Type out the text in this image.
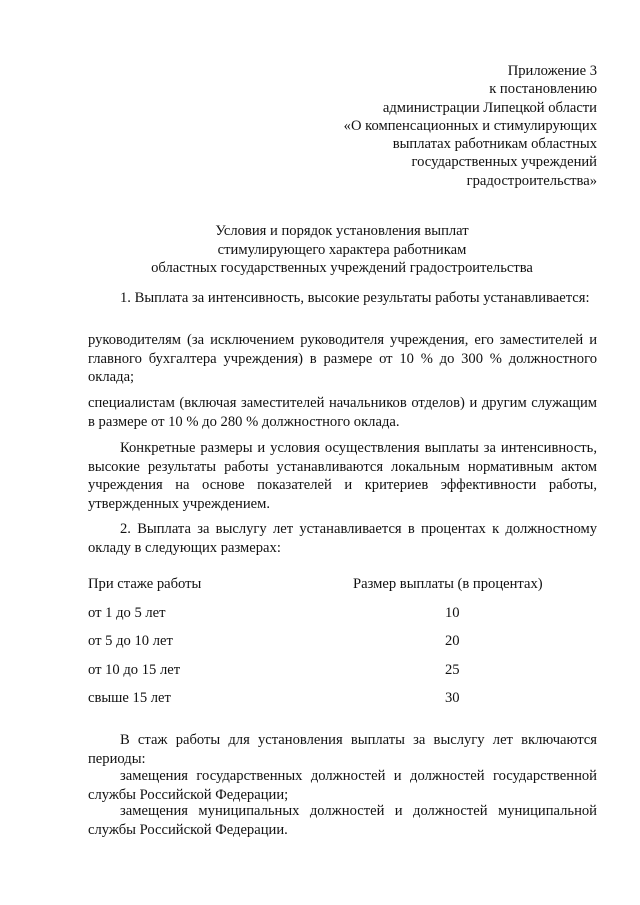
Приложение 3
к постановлению
администрации Липецкой области
«О компенсационных и стимулирующих
выплатах работникам областных
государственных учреждений
градостроительства»
Условия и порядок установления выплат
стимулирующего характера работникам
областных государственных учреждений градостроительства

1. Выплата за интенсивность, высокие результаты работы устанавливается:

руководителям (за исключением руководителя учреждения, его заместителей и главного бухгалтера учреждения) в размере от 10 % до 300 % должностного оклада;

специалистам (включая заместителей начальников отделов) и другим служащим в размере от 10 % до 280 % должностного оклада.

Конкретные размеры и условия осуществления выплаты за интенсивность, высокие результаты работы устанавливаются локальным нормативным актом учреждения на основе показателей и критериев эффективности работы, утвержденных учреждением.

2. Выплата за выслугу лет устанавливается в процентах к должностному окладу в следующих размерах:

При стаже работы	Размер выплаты (в процентах)
от 1 до 5 лет	10
от 5 до 10 лет	20
от 10 до 15 лет	25
свыше 15 лет	30

В стаж работы для установления выплаты за выслугу лет включаются периоды:

замещения государственных должностей и должностей государственной службы Российской Федерации;

замещения муниципальных должностей и должностей муниципальной службы Российской Федерации.
